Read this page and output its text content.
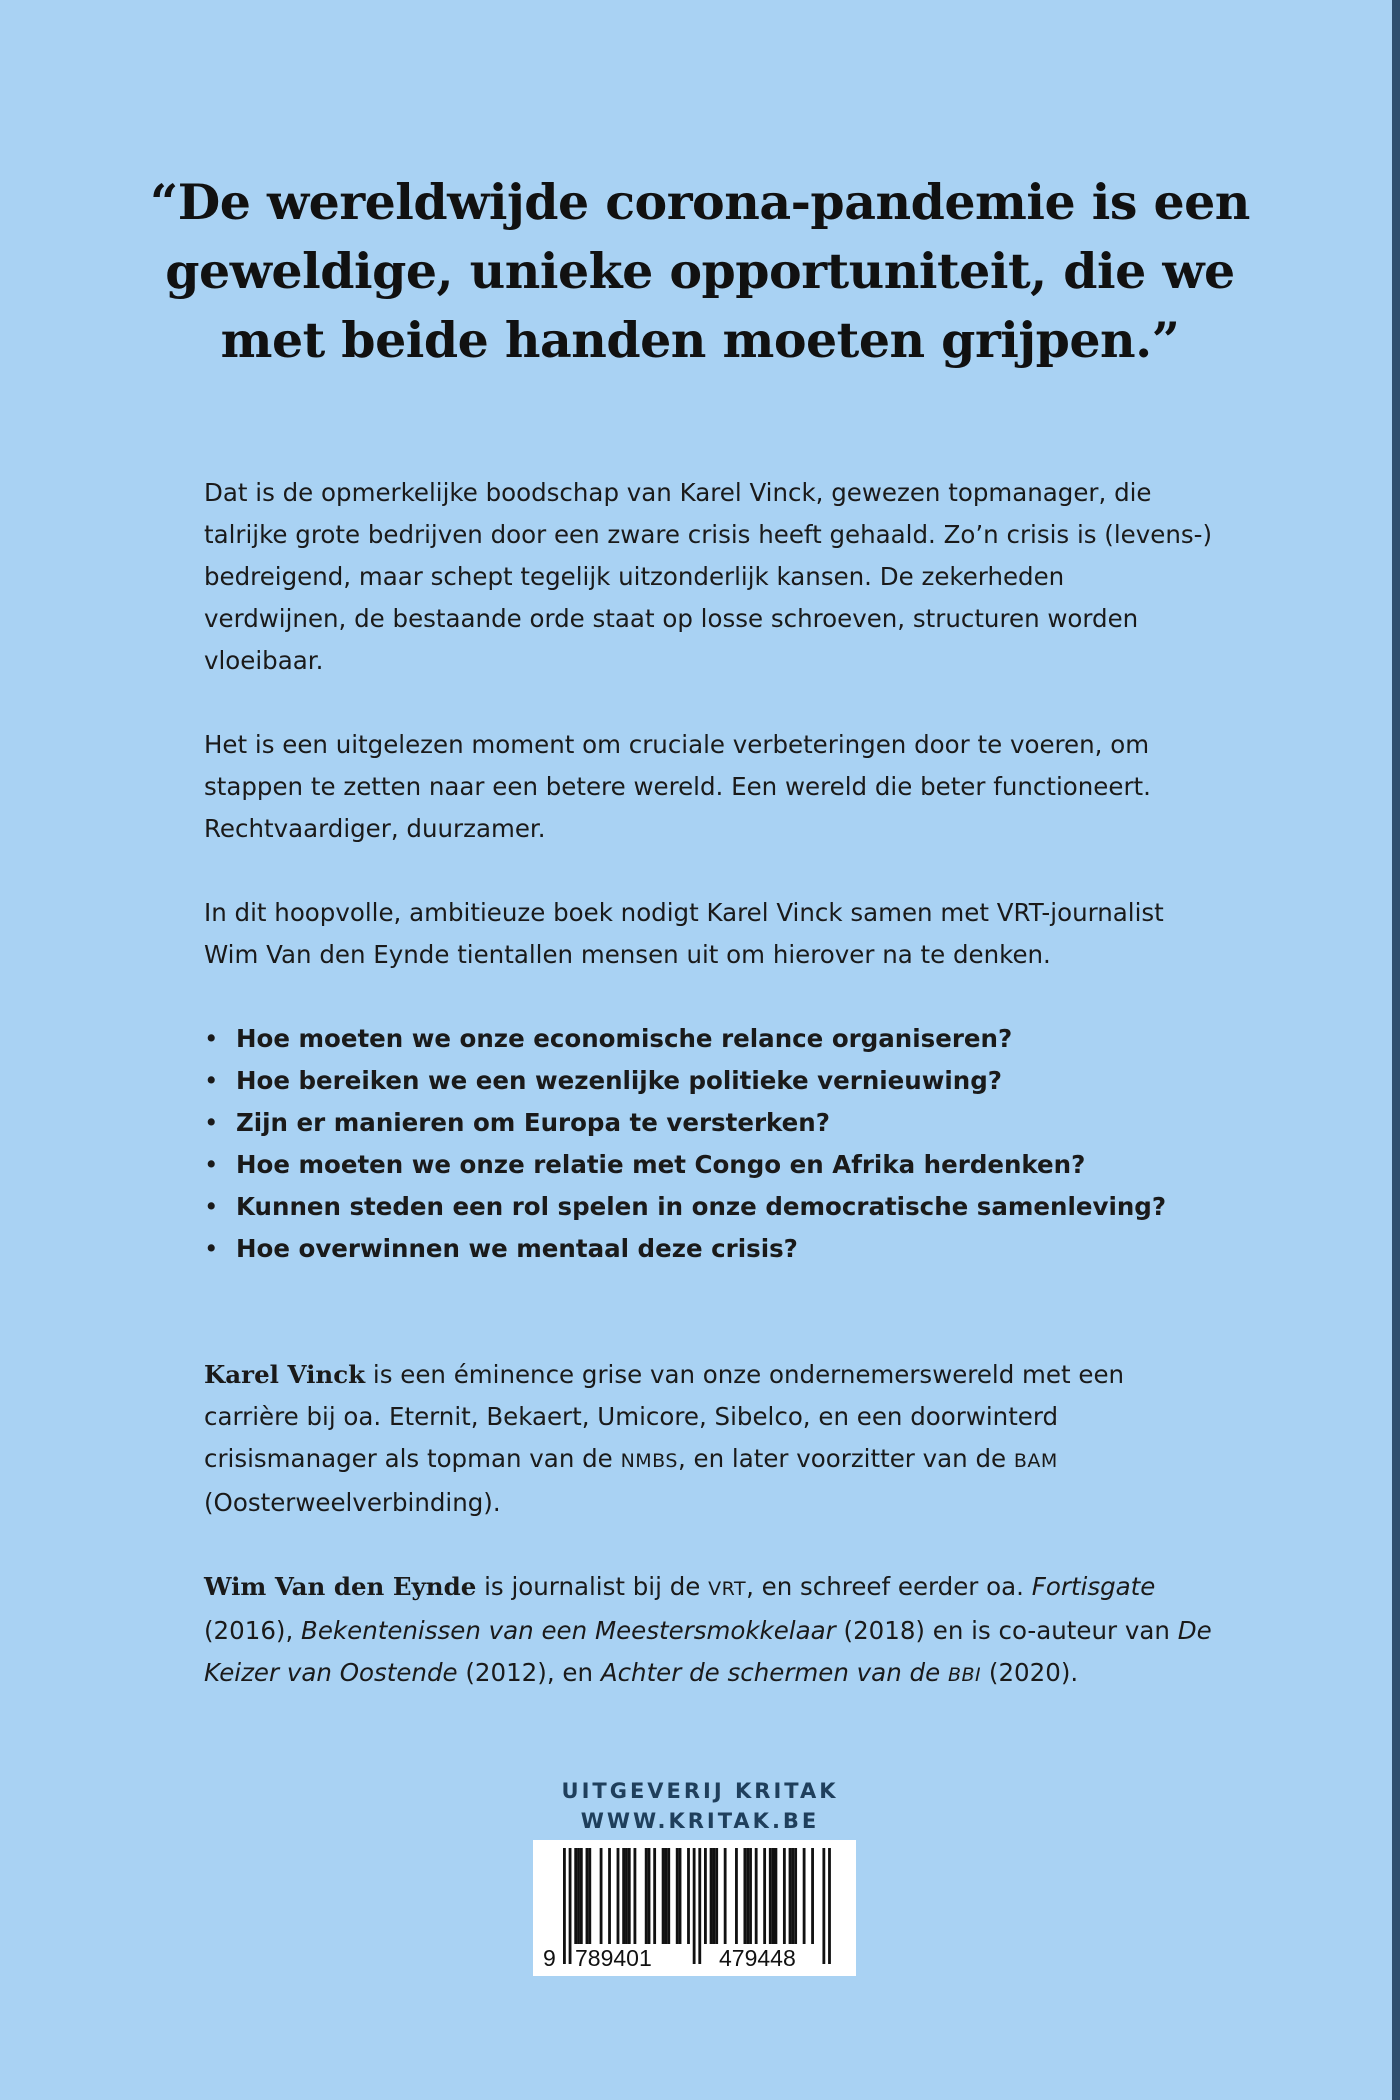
“De wereldwijde corona-pandemie is een geweldige, unieke opportuniteit, die we met beide handen moeten grijpen.”

Dat is de opmerkelijke boodschap van Karel Vinck, gewezen topmanager, die talrijke grote bedrijven door een zware crisis heeft gehaald. Zo’n crisis is (levens-) bedreigend, maar schept tegelijk uitzonderlijk kansen. De zekerheden verdwijnen, de bestaande orde staat op losse schroeven, structuren worden vloeibaar.

Het is een uitgelezen moment om cruciale verbeteringen door te voeren, om stappen te zetten naar een betere wereld. Een wereld die beter functioneert. Rechtvaardiger, duurzamer.

In dit hoopvolle, ambitieuze boek nodigt Karel Vinck samen met VRT-journalist Wim Van den Eynde tientallen mensen uit om hierover na te denken.

• Hoe moeten we onze economische relance organiseren?
• Hoe bereiken we een wezenlijke politieke vernieuwing?
• Zijn er manieren om Europa te versterken?
• Hoe moeten we onze relatie met Congo en Afrika herdenken?
• Kunnen steden een rol spelen in onze democratische samenleving?
• Hoe overwinnen we mentaal deze crisis?

Karel Vinck is een éminence grise van onze ondernemerswereld met een carrière bij oa. Eternit, Bekaert, Umicore, Sibelco, en een doorwinterd crisismanager als topman van de NMBS, en later voorzitter van de BAM (Oosterweelverbinding).

Wim Van den Eynde is journalist bij de VRT, en schreef eerder oa. Fortisgate (2016), Bekentenissen van een Meestersmokkelaar (2018) en is co-auteur van De Keizer van Oostende (2012), en Achter de schermen van de BBI (2020).

UITGEVERIJ KRITAK
WWW.KRITAK.BE
9 789401	479448
